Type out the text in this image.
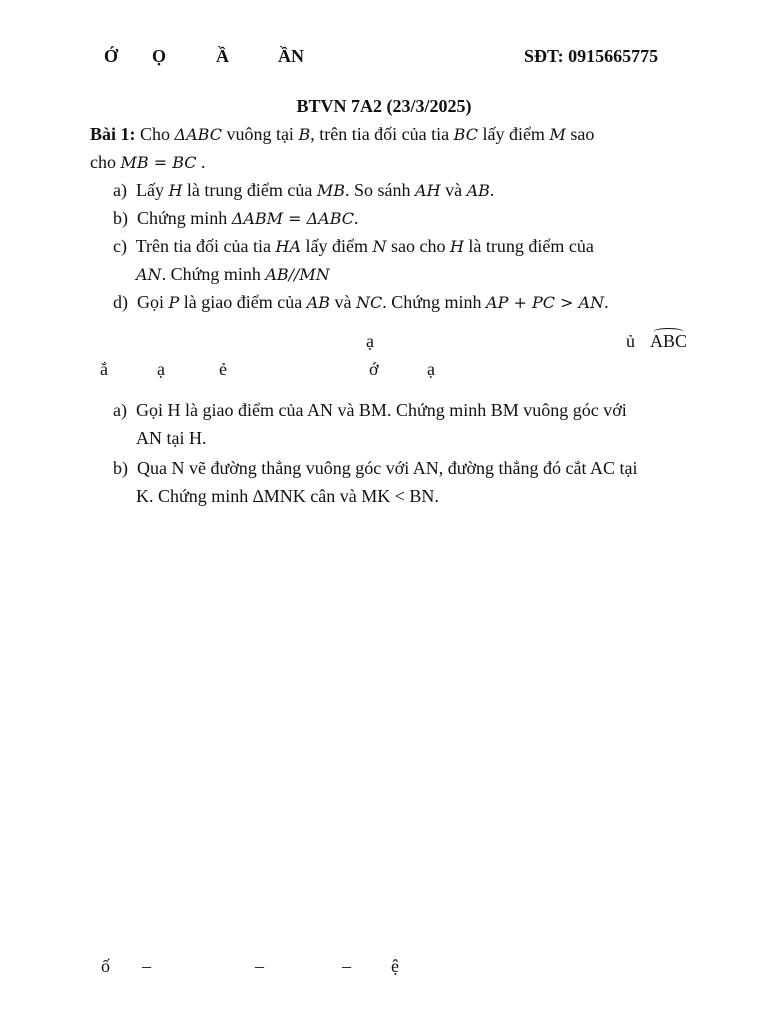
Ớ Ọ	Ầ	ẦN	SĐT: 0915665775
BTVN 7A2 (23/3/2025)
Bài 1: Cho ΔABC vuông tại B, trên tia đối của tia BC lấy điểm M sao
cho MB = BC .
a) Lấy H là trung điểm của MB. So sánh AH và AB.
b) Chứng minh ΔABM = ΔABC.
c) Trên tia đối của tia HA lấy điểm N sao cho H là trung điểm của
AN. Chứng minh AB//MN
d) Gọi P là giao điểm của AB và NC. Chứng minh AP + PC > AN.
ạ	ủ ABC
ắ	ạ	ẻ	ớ	ạ
a) Gọi H là giao điểm của AN và BM. Chứng minh BM vuông góc với
AN tại H.
b) Qua N vẽ đường thẳng vuông góc với AN, đường thẳng đó cắt AC tại
K. Chứng minh ∆MNK cân và MK < BN.
ố –	–	– ệ
